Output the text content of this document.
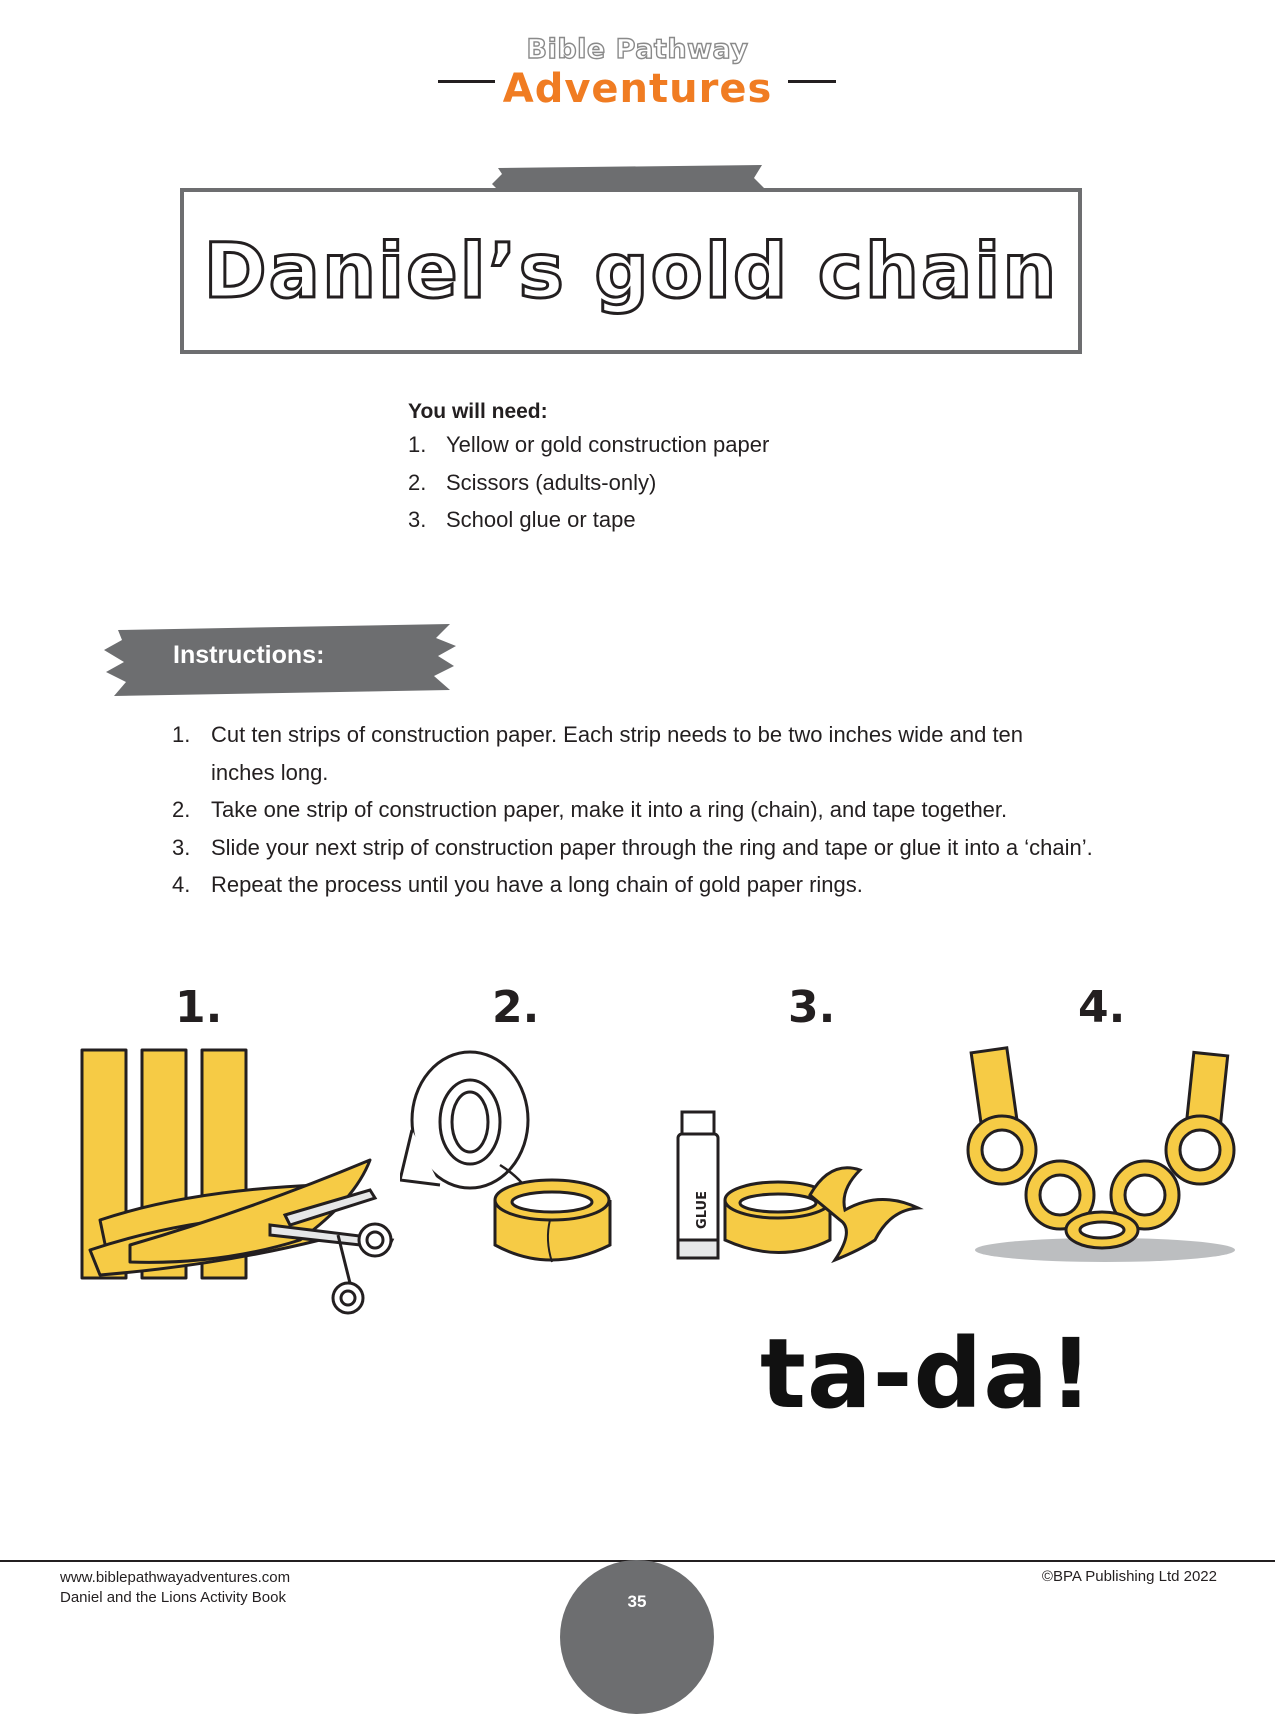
Bible Pathway
Adventures
Daniel’s gold chain
You will need:
1. Yellow or gold construction paper
2. Scissors (adults-only)
3. School glue or tape
Instructions:
1. Cut ten strips of construction paper. Each strip needs to be two inches wide and ten inches long.
2. Take one strip of construction paper, make it into a ring (chain), and tape together.
3. Slide your next strip of construction paper through the ring and tape or glue it into a ‘chain’.
4. Repeat the process until you have a long chain of gold paper rings.
1.	2.	3.	4.
GLUE
ta-da!
www.biblepathwayadventures.com
Daniel and the Lions Activity Book
©BPA Publishing Ltd 2022
35
